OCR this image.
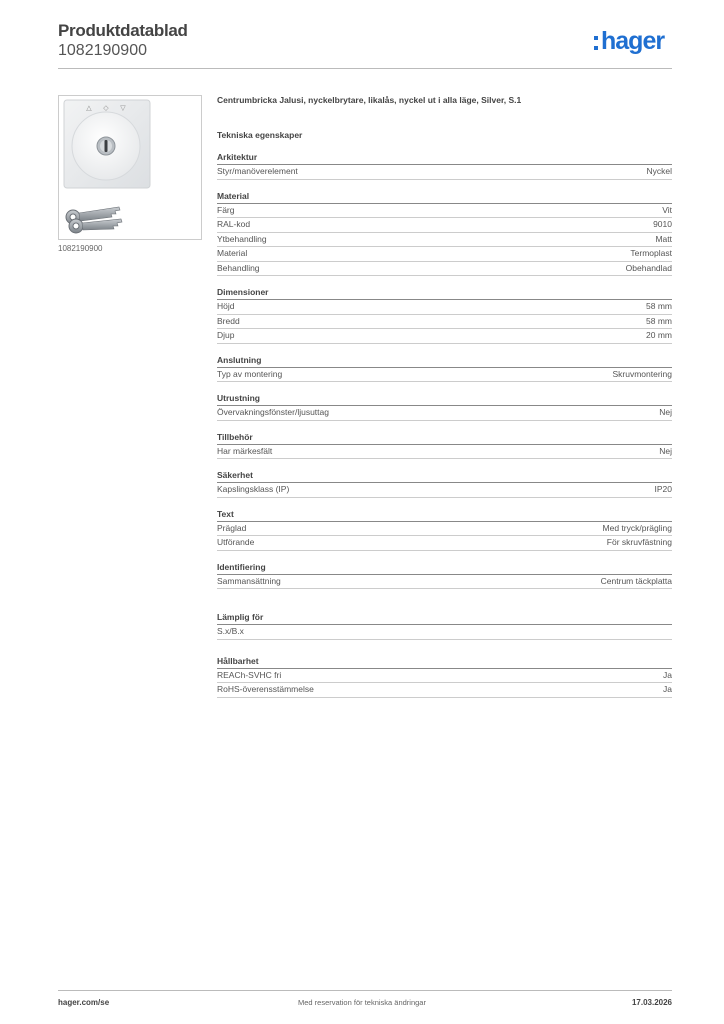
Produktdatablad
1082190900	hager
△ ◇ ▽
1082190900
Centrumbricka Jalusi, nyckelbrytare, likalås, nyckel ut i alla läge, Silver, S.1
Tekniska egenskaper
Arkitektur
Styr/manöverelement	Nyckel
Material
Färg	Vit
RAL-kod	9010
Ytbehandling	Matt
Material	Termoplast
Behandling	Obehandlad
Dimensioner
Höjd	58 mm
Bredd	58 mm
Djup	20 mm
Anslutning
Typ av montering	Skruvmontering
Utrustning
Övervakningsfönster/ljusuttag	Nej
Tillbehör
Har märkesfält	Nej
Säkerhet
Kapslingsklass (IP)	IP20
Text
Präglad	Med tryck/prägling
Utförande	För skruvfästning
Identifiering
Sammansättning	Centrum täckplatta
Lämplig för
S.x/B.x
Hållbarhet
REACh-SVHC fri	Ja
RoHS-överensstämmelse	Ja
hager.com/se	Med reservation för tekniska ändringar	17.03.2026
